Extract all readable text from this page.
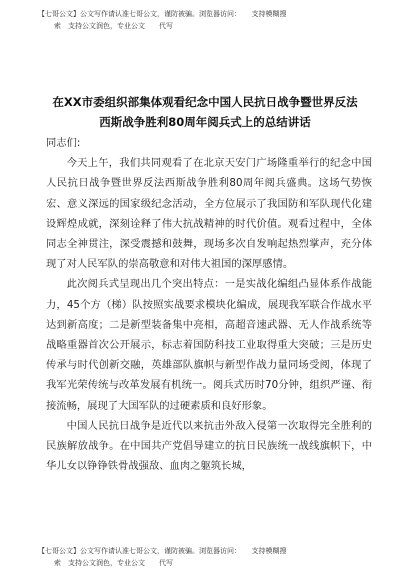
【七哥公文】公文写作请认准七哥公文，谨防被骗。浏览器访问：　　支持模糊搜
索　支持公文润色，专业公文　　代写
在XX市委组织部集体观看纪念中国人民抗日战争暨世界反法
西斯战争胜利80周年阅兵式上的总结讲话

同志们:

今天上午，我们共同观看了在北京天安门广场隆重举行的纪念中国人民抗日战争暨世界反法西斯战争胜利80周年阅兵盛典。这场气势恢宏、意义深远的国家级纪念活动，全方位展示了我国防和军队现代化建设辉煌成就，深刻诠释了伟大抗战精神的时代价值。观看过程中，全体同志全神贯注，深受震撼和鼓舞，现场多次自发响起热烈掌声，充分体现了对人民军队的崇高敬意和对伟大祖国的深厚感情。

此次阅兵式呈现出几个突出特点：一是实战化编组凸显体系作战能力，45个方（梯）队按照实战要求模块化编成，展现我军联合作战水平达到新高度；二是新型装备集中亮相，高超音速武器、无人作战系统等战略重器首次公开展示，标志着国防科技工业取得重大突破；三是历史传承与时代创新交融，英雄部队旗帜与新型作战力量同场受阅，体现了我军光荣传统与改革发展有机统一。阅兵式历时70分钟，组织严谨、衔接流畅，展现了大国军队的过硬素质和良好形象。

中国人民抗日战争是近代以来抗击外敌入侵第一次取得完全胜利的民族解放战争。在中国共产党倡导建立的抗日民族统一战线旗帜下，中华儿女以铮铮铁骨战强敌、血肉之躯筑长城，

【七哥公文】公文写作请认准七哥公文，谨防被骗。浏览器访问：　　支持模糊搜
索　支持公文润色，专业公文　　代写
